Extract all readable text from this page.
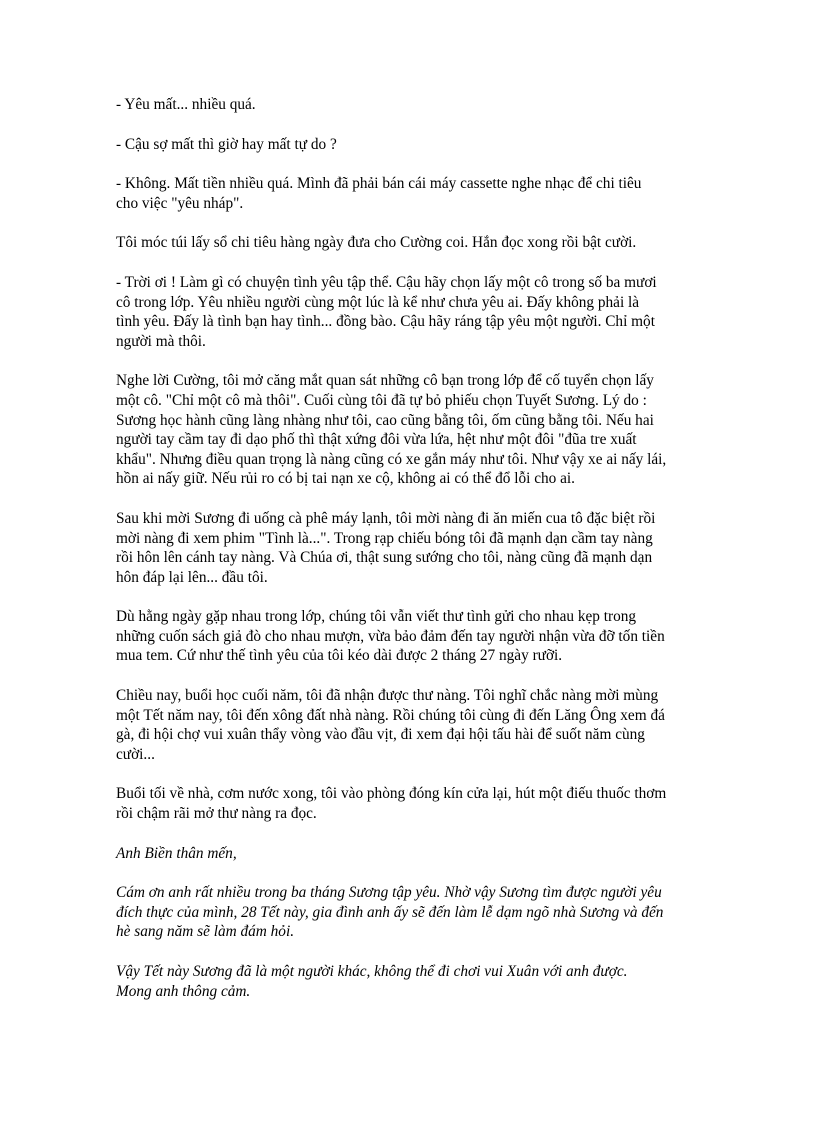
- Yêu mất... nhiều quá.

- Cậu sợ mất thì giờ hay mất tự do ?

- Không. Mất tiền nhiều quá. Mình đã phải bán cái máy cassette nghe nhạc để chi tiêu
cho việc "yêu nháp".

Tôi móc túi lấy sổ chi tiêu hàng ngày đưa cho Cường coi. Hắn đọc xong rồi bật cười.

- Trời ơi ! Làm gì có chuyện tình yêu tập thể. Cậu hãy chọn lấy một cô trong số ba mươi
cô trong lớp. Yêu nhiều người cùng một lúc là kể như chưa yêu ai. Đấy không phải là
tình yêu. Đấy là tình bạn hay tình... đồng bào. Cậu hãy ráng tập yêu một người. Chỉ một
người mà thôi.

Nghe lời Cường, tôi mở căng mắt quan sát những cô bạn trong lớp để cố tuyển chọn lấy
một cô. "Chỉ một cô mà thôi". Cuối cùng tôi đã tự bỏ phiếu chọn Tuyết Sương. Lý do :
Sương học hành cũng làng nhàng như tôi, cao cũng bằng tôi, ốm cũng bằng tôi. Nếu hai
người tay cầm tay đi dạo phố thì thật xứng đôi vừa lứa, hệt như một đôi "đũa tre xuất
khẩu". Nhưng điều quan trọng là nàng cũng có xe gắn máy như tôi. Như vậy xe ai nấy lái,
hồn ai nấy giữ. Nếu rủi ro có bị tai nạn xe cộ, không ai có thể đổ lỗi cho ai.

Sau khi mời Sương đi uống cà phê máy lạnh, tôi mời nàng đi ăn miến cua tô đặc biệt rồi
mời nàng đi xem phim "Tình là...". Trong rạp chiếu bóng tôi đã mạnh dạn cầm tay nàng
rồi hôn lên cánh tay nàng. Và Chúa ơi, thật sung sướng cho tôi, nàng cũng đã mạnh dạn
hôn đáp lại lên... đầu tôi.

Dù hằng ngày gặp nhau trong lớp, chúng tôi vẫn viết thư tình gửi cho nhau kẹp trong
những cuốn sách giả đò cho nhau mượn, vừa bảo đảm đến tay người nhận vừa đỡ tốn tiền
mua tem. Cứ như thế tình yêu của tôi kéo dài được 2 tháng 27 ngày rưỡi.

Chiều nay, buổi học cuối năm, tôi đã nhận được thư nàng. Tôi nghĩ chắc nàng mời mùng
một Tết năm nay, tôi đến xông đất nhà nàng. Rồi chúng tôi cùng đi đến Lăng Ông xem đá
gà, đi hội chợ vui xuân thẩy vòng vào đầu vịt, đi xem đại hội tấu hài để suốt năm cùng
cười...

Buổi tối về nhà, cơm nước xong, tôi vào phòng đóng kín cửa lại, hút một điếu thuốc thơm
rồi chậm rãi mở thư nàng ra đọc.

Anh Biền thân mến,

Cám ơn anh rất nhiều trong ba tháng Sương tập yêu. Nhờ vậy Sương tìm được người yêu
đích thực của mình, 28 Tết này, gia đình anh ấy sẽ đến làm lễ dạm ngõ nhà Sương và đến
hè sang năm sẽ làm đám hỏi.

Vậy Tết này Sương đã là một người khác, không thể đi chơi vui Xuân với anh được.
Mong anh thông cảm.
